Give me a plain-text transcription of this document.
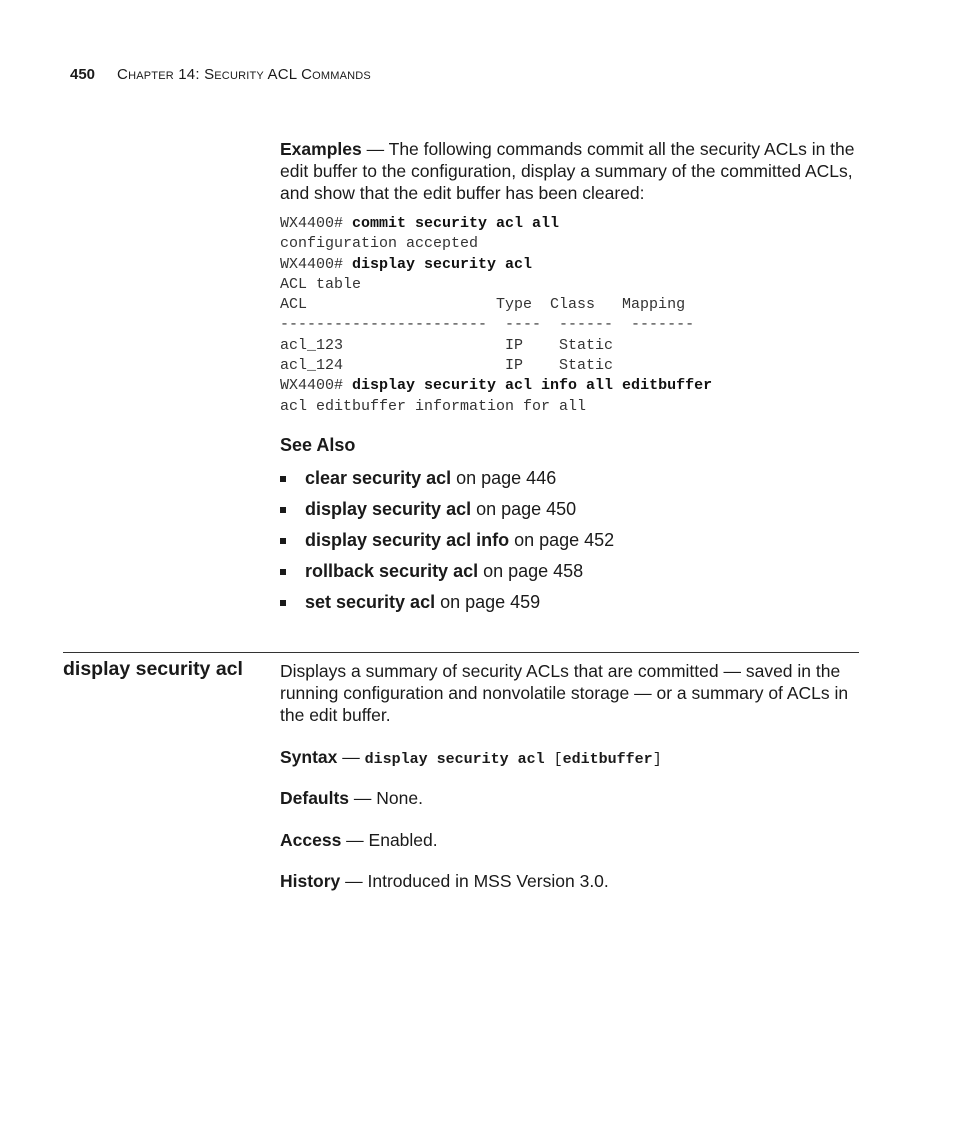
450 Chapter 14: Security ACL Commands
Examples — The following commands commit all the security ACLs in the edit buffer to the configuration, display a summary of the committed ACLs, and show that the edit buffer has been cleared:
WX4400# commit security acl all
configuration accepted
WX4400# display security acl
ACL table
ACL                     Type  Class   Mapping
-----------------------  ----  ------  -------
acl_123                  IP    Static
acl_124                  IP    Static
WX4400# display security acl info all editbuffer
acl editbuffer information for all
See Also
clear security acl on page 446
display security acl on page 450
display security acl info on page 452
rollback security acl on page 458
set security acl on page 459
display security acl Displays a summary of security ACLs that are committed — saved in the running configuration and nonvolatile storage — or a summary of ACLs in the edit buffer.
Syntax — display security acl [editbuffer]
Defaults — None.
Access — Enabled.
History — Introduced in MSS Version 3.0.
